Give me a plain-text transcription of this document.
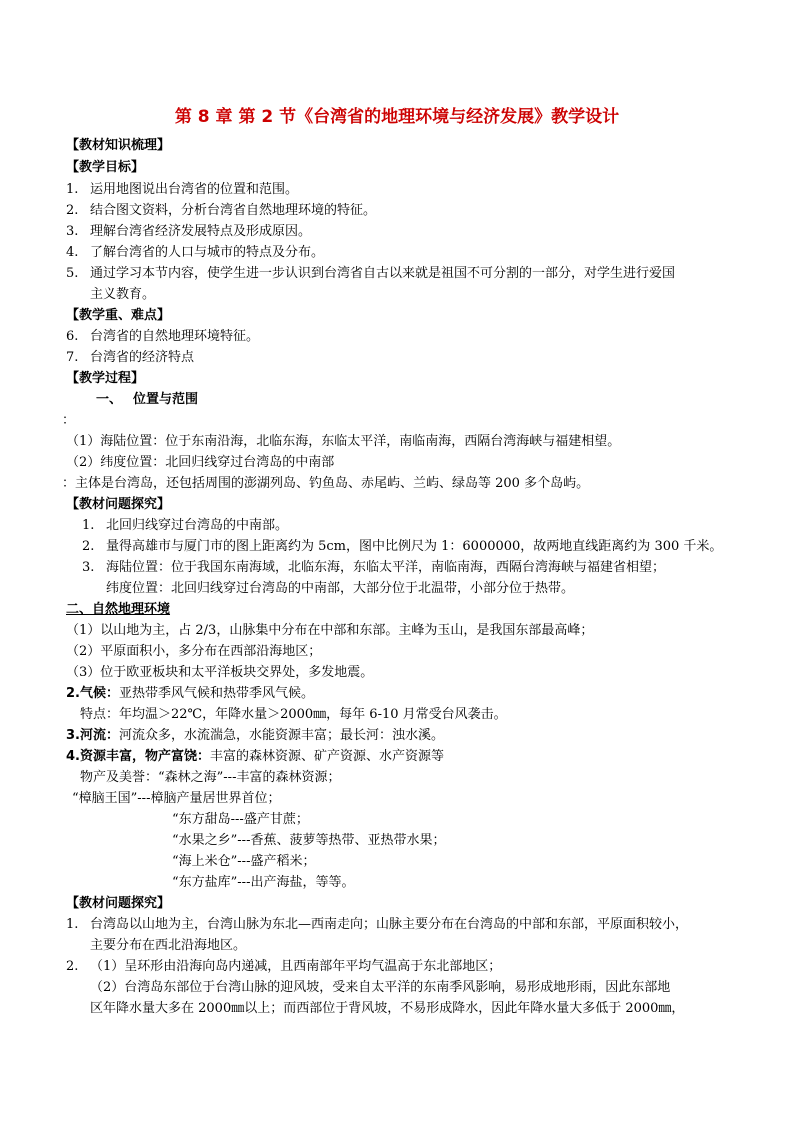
第 8 章 第 2 节《台湾省的地理环境与经济发展》教学设计
【教材知识梳理】
【教学目标】
1. 运用地图说出台湾省的位置和范围。
2. 结合图文资料，分析台湾省自然地理环境的特征。
3. 理解台湾省经济发展特点及形成原因。
4. 了解台湾省的人口与城市的特点及分布。
5. 通过学习本节内容，使学生进一步认识到台湾省自古以来就是祖国不可分割的一部分，对学生进行爱国
主义教育。
【教学重、难点】
6. 台湾省的自然地理环境特征。
7. 台湾省的经济特点
【教学过程】
一、　 位置与范围
：
（1）海陆位置：位于东南沿海，北临东海，东临太平洋，南临南海，西隔台湾海峡与福建相望。
（2）纬度位置：北回归线穿过台湾岛的中南部
：主体是台湾岛，还包括周围的澎湖列岛、钓鱼岛、赤尾屿、兰屿、绿岛等 200 多个岛屿。
【教材问题探究】
1. 北回归线穿过台湾岛的中南部。
2. 量得高雄市与厦门市的图上距离约为 5cm，图中比例尺为 1：6000000，故两地直线距离约为 300 千米。
3. 海陆位置：位于我国东南海域，北临东海，东临太平洋，南临南海，西隔台湾海峡与福建省相望；
纬度位置：北回归线穿过台湾岛的中南部，大部分位于北温带，小部分位于热带。
二、自然地理环境
（1）以山地为主，占 2/3，山脉集中分布在中部和东部。主峰为玉山，是我国东部最高峰；
（2）平原面积小，多分布在西部沿海地区；
（3）位于欧亚板块和太平洋板块交界处，多发地震。
2.气候：亚热带季风气候和热带季风气候。
特点：年均温＞22℃，年降水量＞2000㎜，每年 6-10 月常受台风袭击。
3.河流：河流众多，水流湍急，水能资源丰富；最长河：浊水溪。
4.资源丰富，物产富饶：丰富的森林资源、矿产资源、水产资源等
物产及美誉：“森林之海”---丰富的森林资源；
“樟脑王国”---樟脑产量居世界首位；
“东方甜岛---盛产甘蔗；
“水果之乡”---香蕉、菠萝等热带、亚热带水果；
“海上米仓”---盛产稻米；
“东方盐库”---出产海盐，等等。
【教材问题探究】
1. 台湾岛以山地为主，台湾山脉为东北—西南走向；山脉主要分布在台湾岛的中部和东部，平原面积较小，
主要分布在西北沿海地区。
2. （1）呈环形由沿海向岛内递减，且西南部年平均气温高于东北部地区；
（2）台湾岛东部位于台湾山脉的迎风坡，受来自太平洋的东南季风影响，易形成地形雨，因此东部地
区年降水量大多在 2000㎜以上；而西部位于背风坡，不易形成降水，因此年降水量大多低于 2000㎜，
